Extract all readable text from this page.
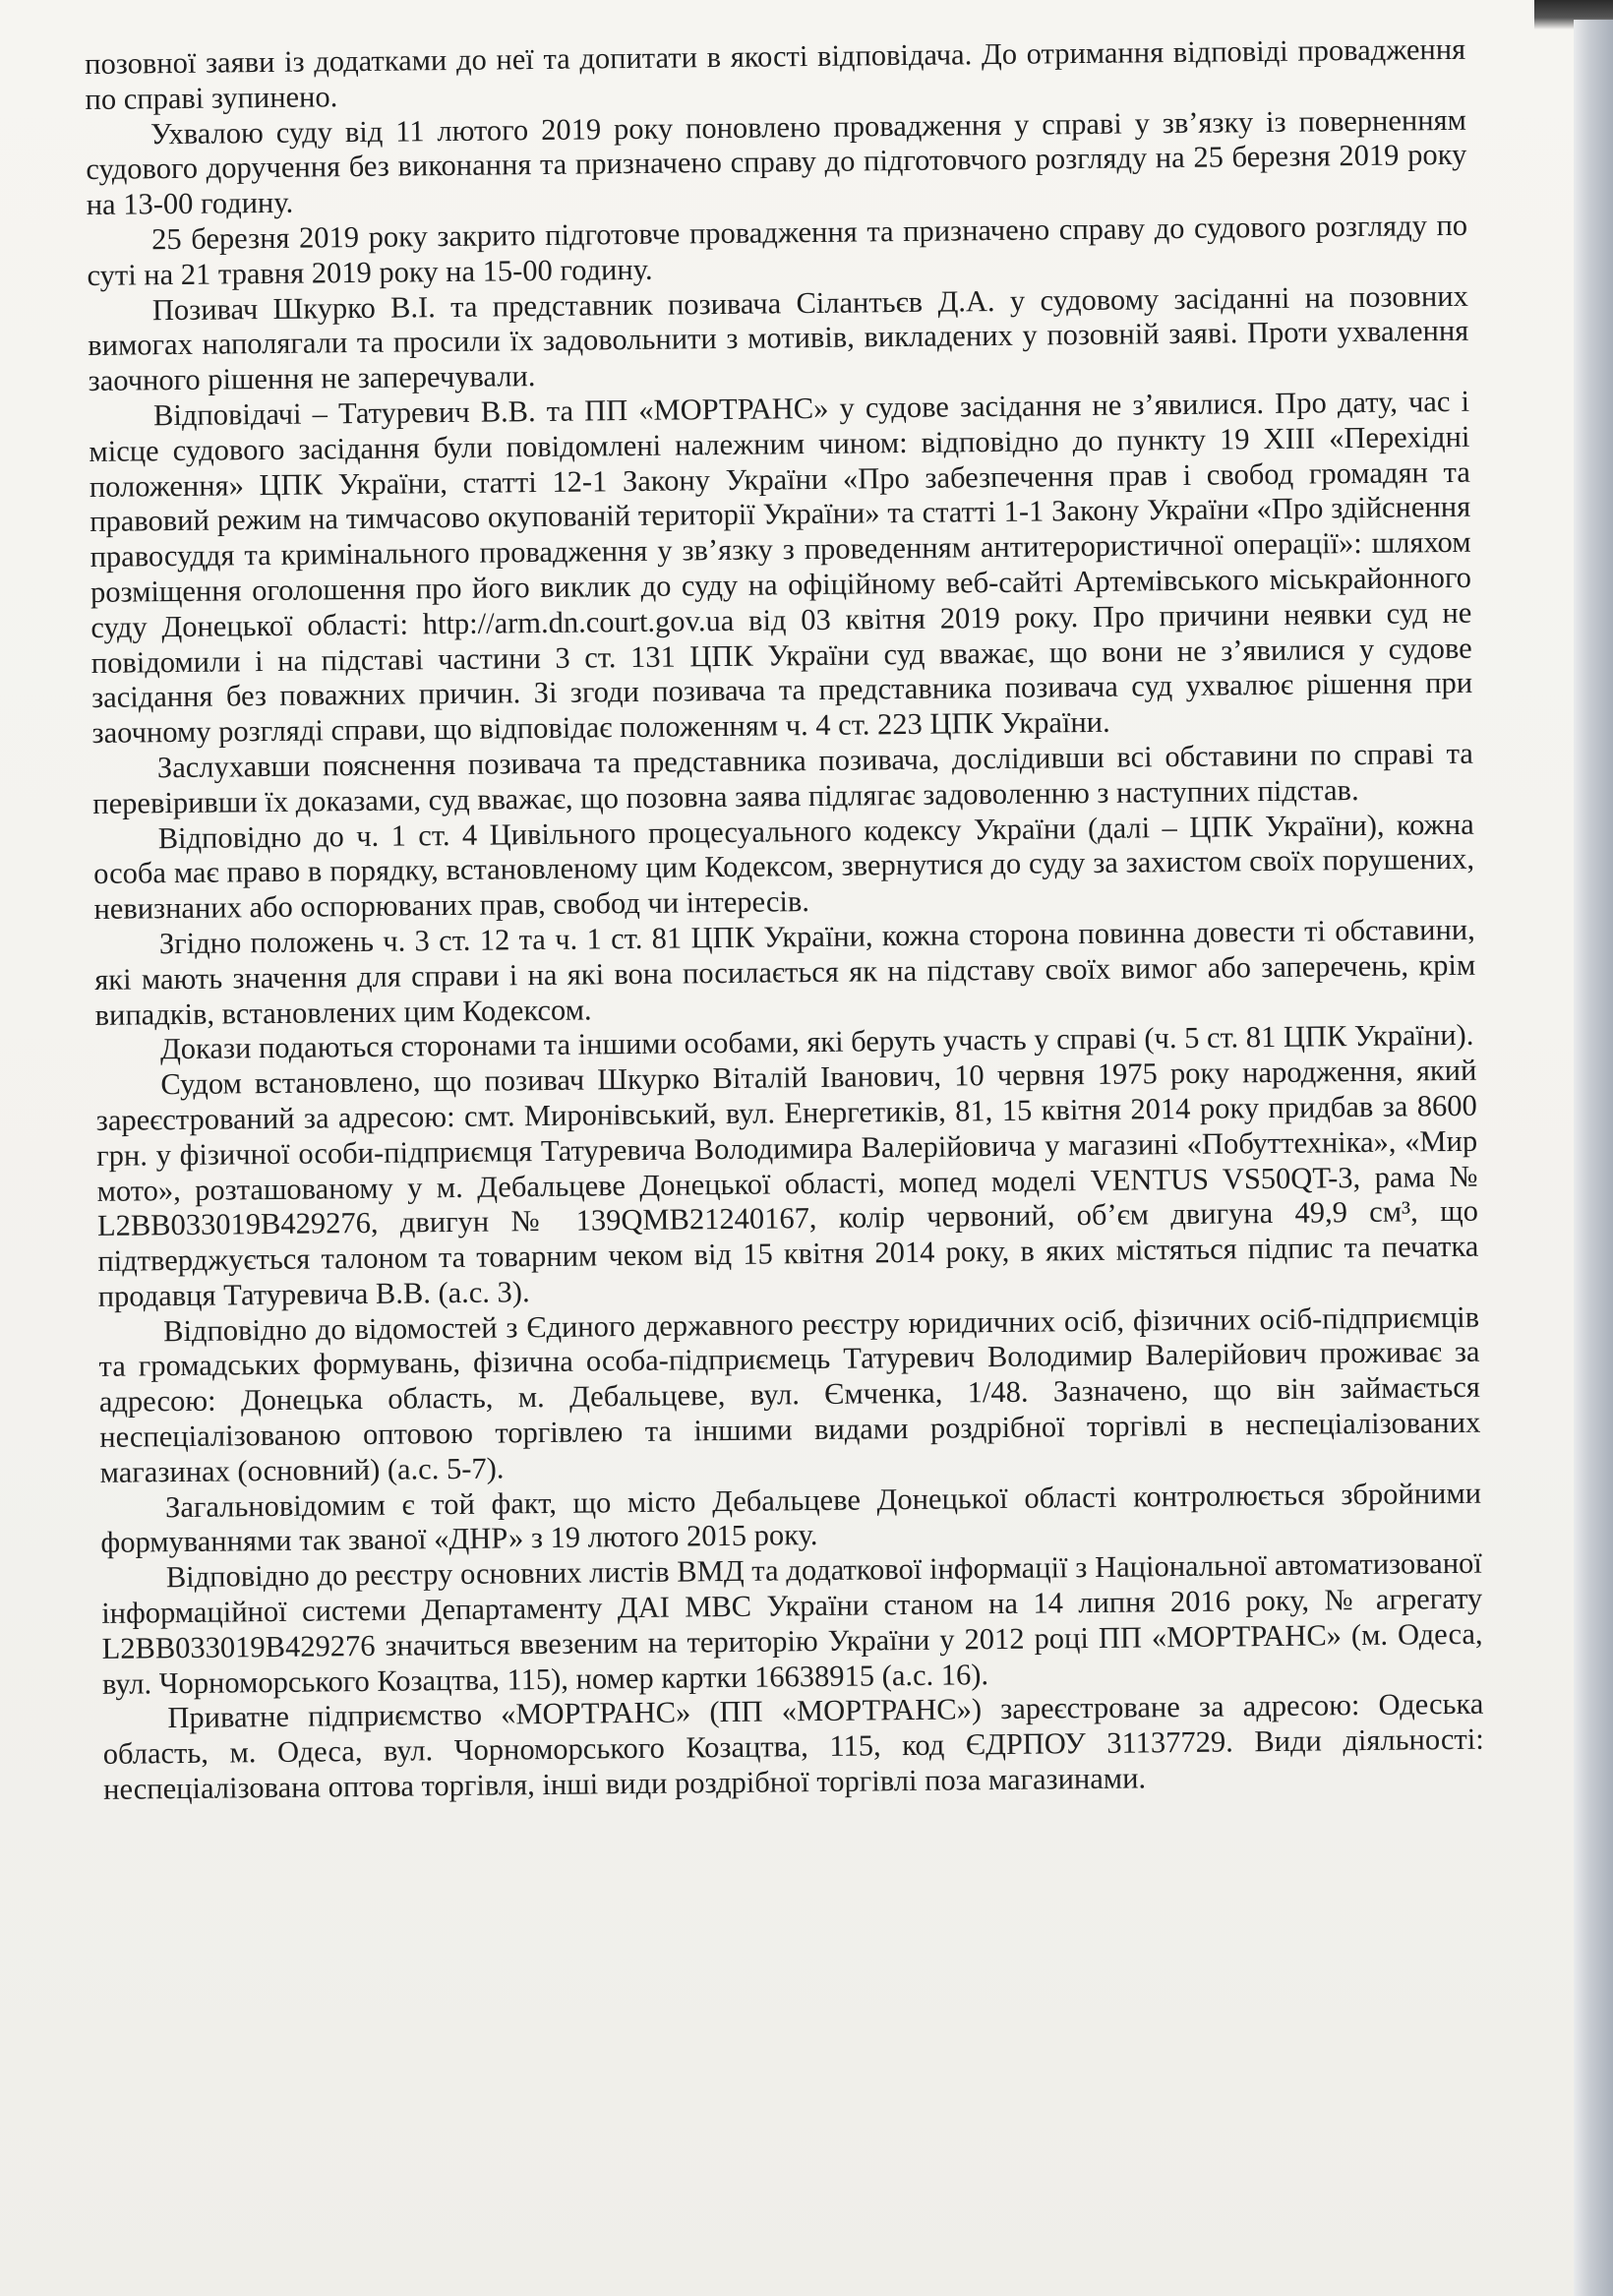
позовної заяви із додатками до неї та допитати в якості відповідача. До отримання відповіді провадження по справі зупинено.

Ухвалою суду від 11 лютого 2019 року поновлено провадження у справі у зв’язку із поверненням судового доручення без виконання та призначено справу до підготовчого розгляду на 25 березня 2019 року на 13-00 годину.

25 березня 2019 року закрито підготовче провадження та призначено справу до судового розгляду по суті на 21 травня 2019 року на 15-00 годину.

Позивач Шкурко В.І. та представник позивача Сілантьєв Д.А. у судовому засіданні на позовних вимогах наполягали та просили їх задовольнити з мотивів, викладених у позовній заяві. Проти ухвалення заочного рішення не заперечували.

Відповідачі – Татуревич В.В. та ПП «МОРТРАНС» у судове засідання не з’явилися. Про дату, час і місце судового засідання були повідомлені належним чином: відповідно до пункту 19 XIII «Перехідні положення» ЦПК України, статті 12-1 Закону України «Про забезпечення прав і свобод громадян та правовий режим на тимчасово окупованій території України» та статті 1-1 Закону України «Про здійснення правосуддя та кримінального провадження у зв’язку з проведенням антитерористичної операції»: шляхом розміщення оголошення про його виклик до суду на офіційному веб-сайті Артемівського міськрайонного суду Донецької області: http://arm.dn.court.gov.ua від 03 квітня 2019 року. Про причини неявки суд не повідомили і на підставі частини 3 ст. 131 ЦПК України суд вважає, що вони не з’явилися у судове засідання без поважних причин. Зі згоди позивача та представника позивача суд ухвалює рішення при заочному розгляді справи, що відповідає положенням ч. 4 ст. 223 ЦПК України.

Заслухавши пояснення позивача та представника позивача, дослідивши всі обставини по справі та перевіривши їх доказами, суд вважає, що позовна заява підлягає задоволенню з наступних підстав.

Відповідно до ч. 1 ст. 4 Цивільного процесуального кодексу України (далі – ЦПК України), кожна особа має право в порядку, встановленому цим Кодексом, звернутися до суду за захистом своїх порушених, невизнаних або оспорюваних прав, свобод чи інтересів.

Згідно положень ч. 3 ст. 12 та ч. 1 ст. 81 ЦПК України, кожна сторона повинна довести ті обставини, які мають значення для справи і на які вона посилається як на підставу своїх вимог або заперечень, крім випадків, встановлених цим Кодексом.

Докази подаються сторонами та іншими особами, які беруть участь у справі (ч. 5 ст. 81 ЦПК України).

Судом встановлено, що позивач Шкурко Віталій Іванович, 10 червня 1975 року народження, який зареєстрований за адресою: смт. Миронівський, вул. Енергетиків, 81, 15 квітня 2014 року придбав за 8600 грн. у фізичної особи-підприємця Татуревича Володимира Валерійовича у магазині «Побуттехніка», «Мир мото», розташованому у м. Дебальцеве Донецької області, мопед моделі VENTUS VS50QT-3, рама № L2BB033019B429276, двигун № 139QMB21240167, колір червоний, об’єм двигуна 49,9 см³, що підтверджується талоном та товарним чеком від 15 квітня 2014 року, в яких містяться підпис та печатка продавця Татуревича В.В. (а.с. 3).

Відповідно до відомостей з Єдиного державного реєстру юридичних осіб, фізичних осіб-підприємців та громадських формувань, фізична особа-підприємець Татуревич Володимир Валерійович проживає за адресою: Донецька область, м. Дебальцеве, вул. Ємченка, 1/48. Зазначено, що він займається неспеціалізованою оптовою торгівлею та іншими видами роздрібної торгівлі в неспеціалізованих магазинах (основний) (а.с. 5-7).

Загальновідомим є той факт, що місто Дебальцеве Донецької області контролюється збройними формуваннями так званої «ДНР» з 19 лютого 2015 року.

Відповідно до реєстру основних листів ВМД та додаткової інформації з Національної автоматизованої інформаційної системи Департаменту ДАІ МВС України станом на 14 липня 2016 року, № агрегату L2BB033019B429276 значиться ввезеним на територію України у 2012 році ПП «МОРТРАНС» (м. Одеса, вул. Чорноморського Козацтва, 115), номер картки 16638915 (а.с. 16).

Приватне підприємство «МОРТРАНС» (ПП «МОРТРАНС») зареєстроване за адресою: Одеська область, м. Одеса, вул. Чорноморського Козацтва, 115, код ЄДРПОУ 31137729. Види діяльності: неспеціалізована оптова торгівля, інші види роздрібної торгівлі поза магазинами.
